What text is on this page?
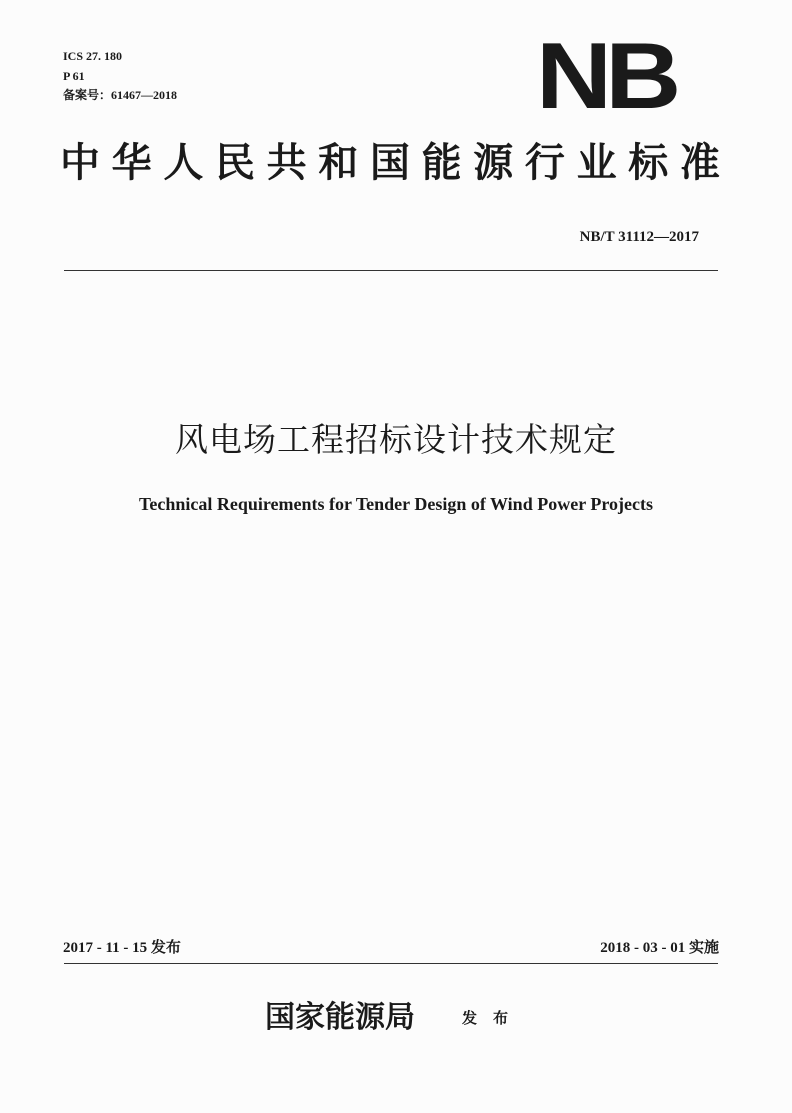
ICS 27. 180
P 61
备案号：61467—2018	NB
中 华 人 民 共 和 国 能 源 行 业 标 准
NB/T 31112—2017
风电场工程招标设计技术规定
Technical Requirements for Tender Design of Wind Power Projects
2017 - 11 - 15 发布	2018 - 03 - 01 实施
国家能源局	发布
